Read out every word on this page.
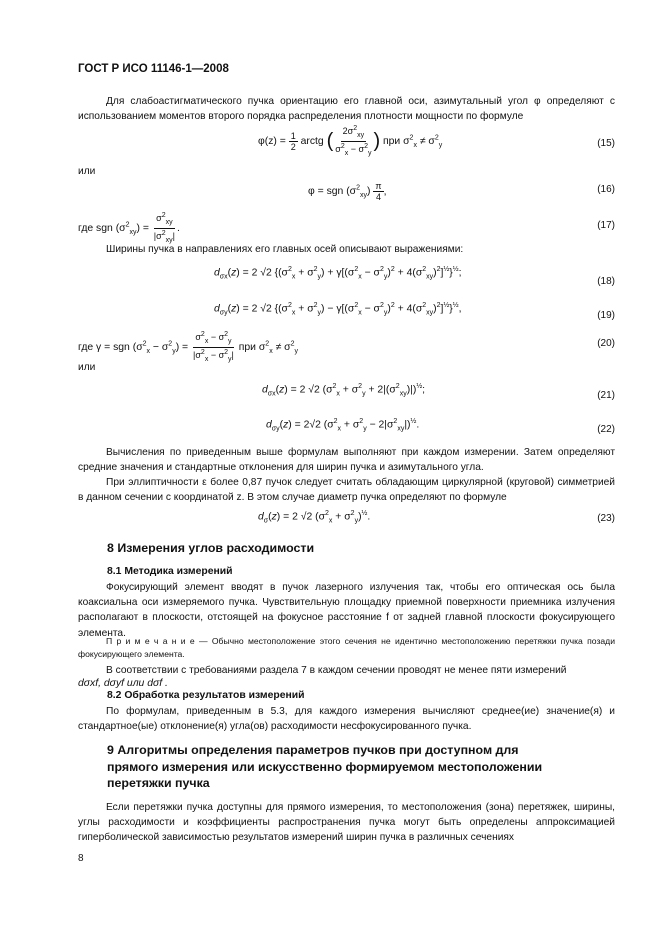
ГОСТ Р ИСО 11146-1—2008
Для слабоастигматического пучка ориентацию его главной оси, азимутальный угол φ определяют с использованием моментов второго порядка распределения плотности мощности по формуле
$\varphi(z) = \frac{1}{2}$ arctg ( $\frac{2\sigma^2_{xy}}{\sigma^2_x - \sigma^2_y}$ ) при $\sigma^2_x \ne \sigma^2_y$	(15)
или
φ = sgn $(\sigma^2_{xy}) \frac{\pi}{4}$ ,	(16)
где sgn $(\sigma^2_{xy}) = \frac{\sigma^2_{xy}}{|\sigma^2_{xy}|}$ .	(17)
Ширины пучка в направлениях его главных осей описывают выражениями:
$d_{\sigma x}(z) = 2$ √2 $\{(\sigma^2_x + \sigma^2_y) + \gamma[(\sigma^2_x - \sigma^2_y)^2 + 4(\sigma^2_{xy})^2]^{\frac{1}{2}}\}^{\frac{1}{2}}$;
(18)
$d_{\sigma y}(z) = 2$ √2 $\{(\sigma^2_x + \sigma^2_y) - \gamma[(\sigma^2_x - \sigma^2_y)^2 + 4(\sigma^2_{xy})^2]^{\frac{1}{2}}\}^{\frac{1}{2}}$,
(19)
где γ = sgn $(\sigma^2_x - \sigma^2_y) = \frac{\sigma^2_x - \sigma^2_y}{|\sigma^2_x - \sigma^2_y|}$ при $\sigma^2_x \ne \sigma^2_y$
(20)
или
$d_{\sigma x}(z) = 2$ √2 $(\sigma^2_x + \sigma^2_y + 2|(\sigma^2_{xy})|)^{\frac{1}{2}}$;
(21)
$d_{\sigma y}(z) = 2√2$ $(\sigma^2_x + \sigma^2_y - 2|\sigma^2_{xy}|)^{\frac{1}{2}}$.	(22)
Вычисления по приведенным выше формулам выполняют при каждом измерении. Затем определяют средние значения и стандартные отклонения для ширин пучка и азимутального угла.
При эллиптичности ε более 0,87 пучок следует считать обладающим циркулярной (круговой) симметрией в данном сечении с координатой z. В этом случае диаметр пучка определяют по формуле
$d_\sigma(z) = 2$ √2 $(\sigma^2_x + \sigma^2_y)^{\frac{1}{2}}$.	(23)
8 Измерения углов расходимости
8.1 Методика измерений
Фокусирующий элемент вводят в пучок лазерного излучения так, чтобы его оптическая ось была коаксиальна оси измеряемого пучка. Чувствительную площадку приемной поверхности приемника излучения располагают в плоскости, отстоящей на фокусное расстояние f от задней главной плоскости фокусирующего элемента.
П р и м е ч а н и е — Обычно местоположение этого сечения не идентично местоположению перетяжки пучка позади фокусирующего элемента.
В соответствии с требованиями раздела 7 в каждом сечении проводят не менее пяти измерений
dσxf, dσyf или dσf .
8.2 Обработка результатов измерений
По формулам, приведенным в 5.3, для каждого измерения вычисляют среднее(ие) значение(я) и стандартное(ые) отклонение(я) угла(ов) расходимости несфокусированного пучка.
9 Алгоритмы определения параметров пучков при доступном для прямого измерения или искусственно формируемом местоположении перетяжки пучка
Если перетяжки пучка доступны для прямого измерения, то местоположения (зона) перетяжек, ширины, углы расходимости и коэффициенты распространения пучка могут быть определены аппроксимацией гиперболической зависимостью результатов измерений ширин пучка в различных сечениях
8
